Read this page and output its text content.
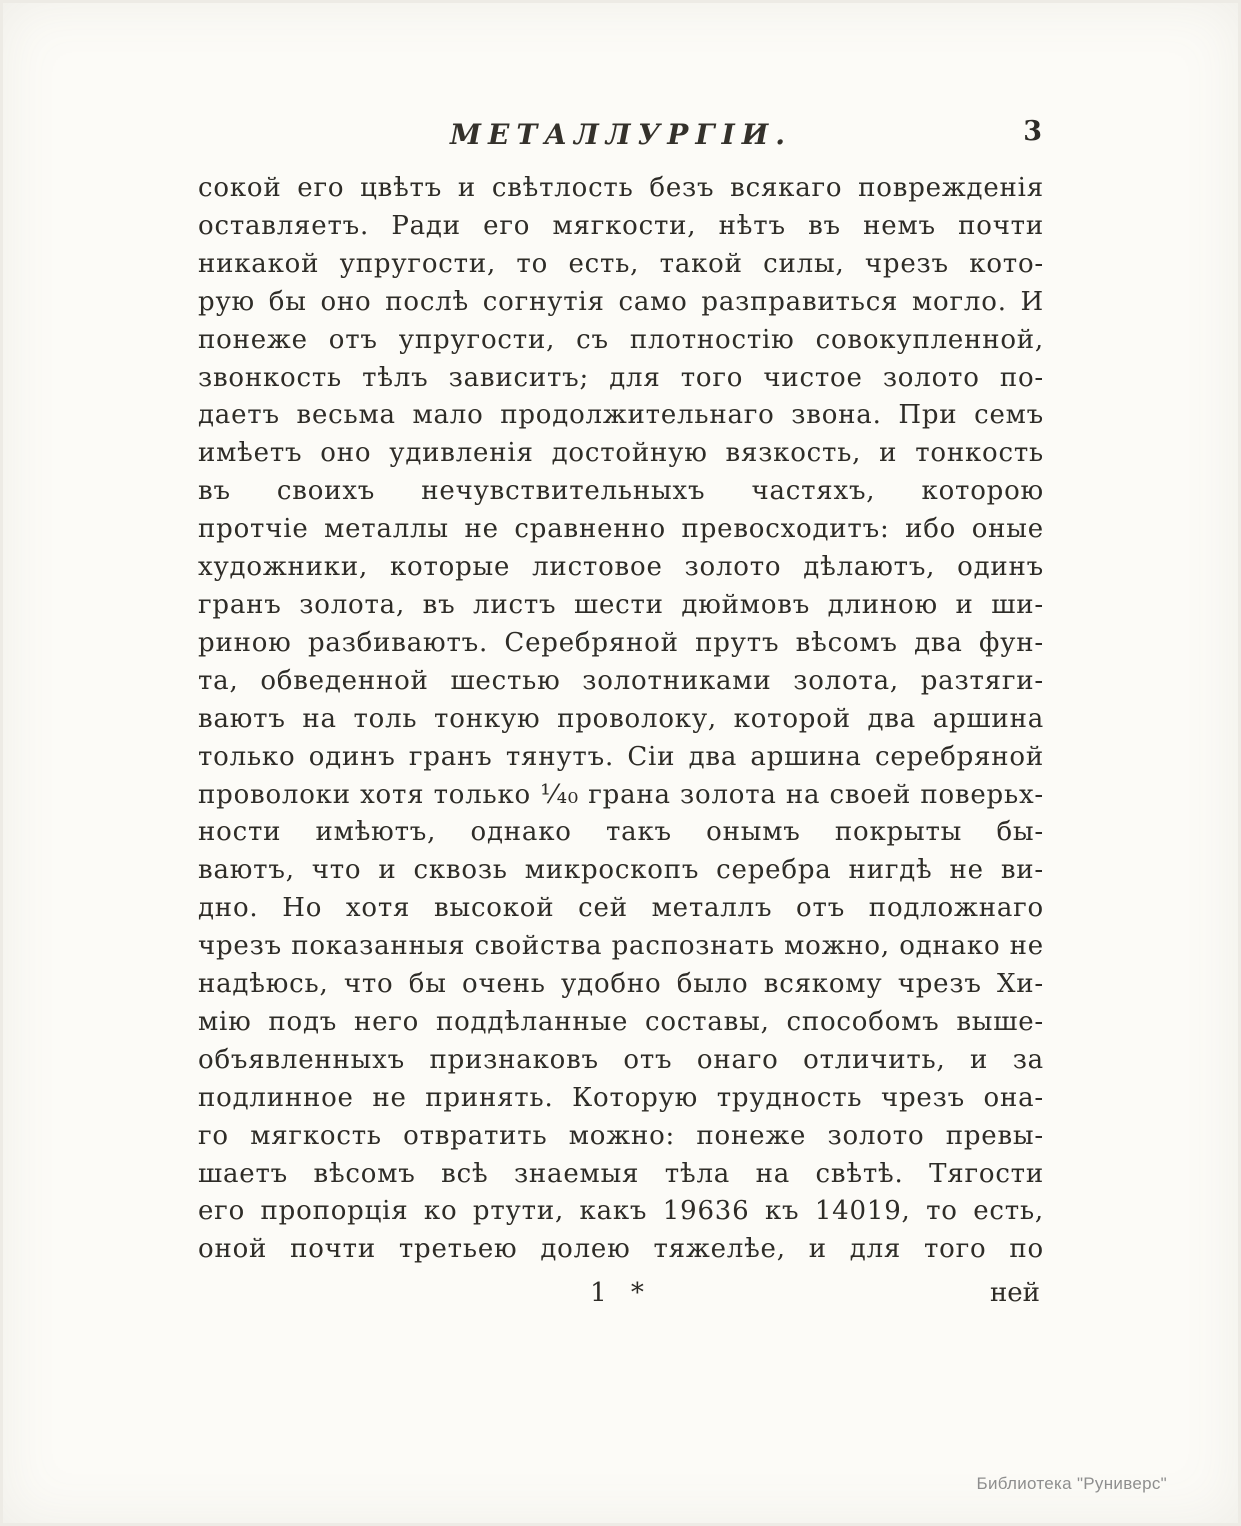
МЕТАЛЛУРГІИ.	3
сокой его цвѣтъ и свѣтлость безъ всякаго поврежденія
оставляетъ. Ради его мягкости, нѣтъ въ немъ почти
никакой упругости, то есть, такой силы, чрезъ кото-
рую бы оно послѣ согнутія само разправиться могло. И
понеже отъ упругости, съ плотностію совокупленной,
звонкость тѣлъ зависитъ; для того чистое золото по-
даетъ весьма мало продолжительнаго звона. При семъ
имѣетъ оно удивленія достойную вязкость, и тонкость
въ своихъ нечувствительныхъ частяхъ, которою
протчіе металлы не сравненно превосходитъ: ибо оные
художники, которые листовое золото дѣлаютъ, одинъ
гранъ золота, въ листъ шести дюймовъ длиною и ши-
риною разбиваютъ. Серебряной прутъ вѣсомъ два фун-
та, обведенной шестью золотниками золота, разтяги-
ваютъ на толь тонкую проволоку, которой два аршина
только одинъ гранъ тянутъ. Сіи два аршина серебряной
проволоки хотя только ¹⁄₄₀ грана золота на своей поверьх-
ности имѣютъ, однако такъ онымъ покрыты бы-
ваютъ, что и сквозь микроскопъ серебра нигдѣ не ви-
дно. Но хотя высокой сей металлъ отъ подложнаго
чрезъ показанныя свойства распознать можно, однако не
надѣюсь, что бы очень удобно было всякому чрезъ Хи-
мію подъ него поддѣланные составы, способомъ выше-
объявленныхъ признаковъ отъ онаго отличить, и за
подлинное не принять. Которую трудность чрезъ она-
го мягкость отвратить можно: понеже золото превы-
шаетъ вѣсомъ всѣ знаемыя тѣла на свѣтѣ. Тягости
его пропорція ко ртути, какъ 19636 къ 14019, то есть,
оной почти третьею долею тяжелѣе, и для того по
1 *	ней
Библиотека "Руниверс"
